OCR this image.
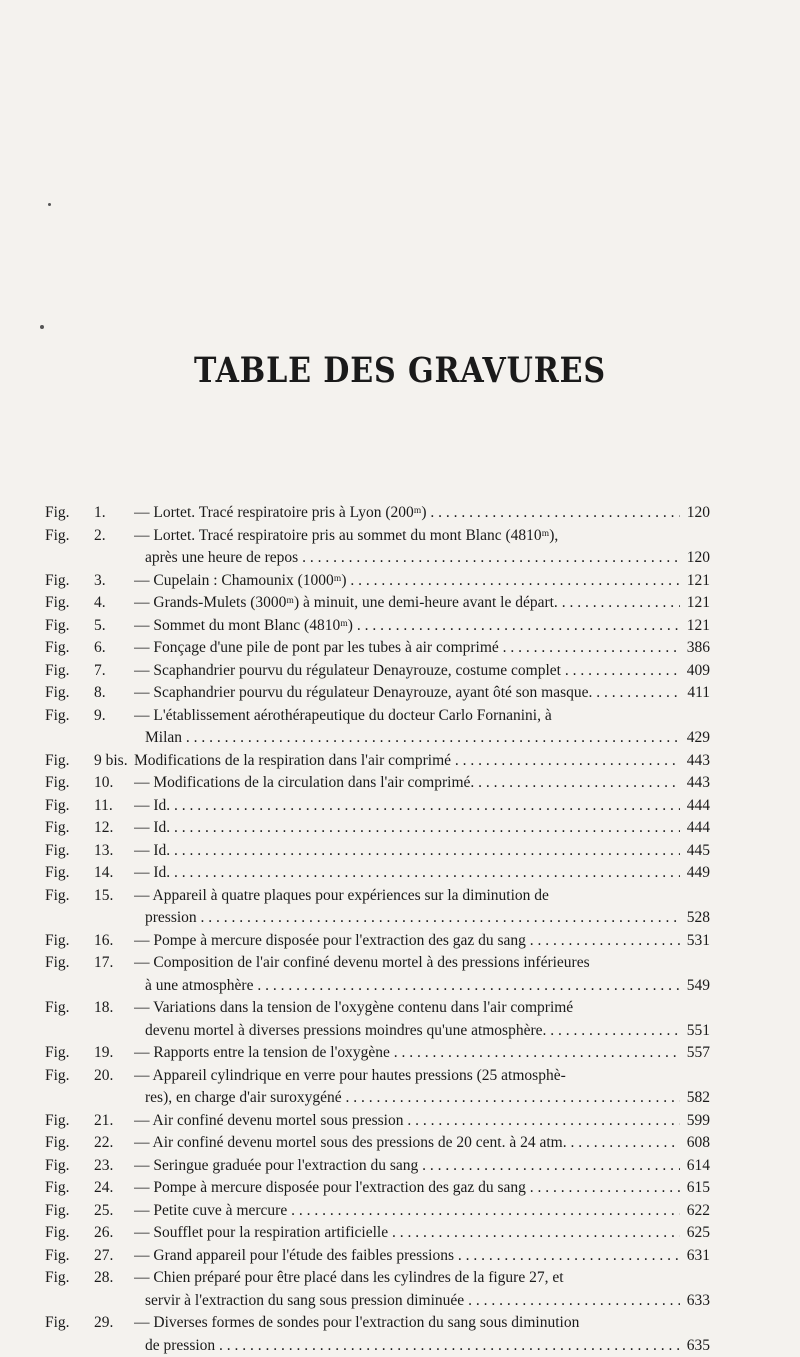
TABLE DES GRAVURES
Fig.	1.	— Lortet. Tracé respiratoire pris à Lyon (200ᵐ) . . .	120
Fig.	2.	— Lortet. Tracé respiratoire pris au sommet du mont Blanc (4810ᵐ),
après une heure de repos . . .	120
Fig.	3.	— Cupelain : Chamounix (1000ᵐ) . . .	121
Fig.	4.	— Grands-Mulets (3000ᵐ) à minuit, une demi-heure avant le départ. . . .	121
Fig.	5.	— Sommet du mont Blanc (4810ᵐ) . . .	121
Fig.	6.	— Fonçage d'une pile de pont par les tubes à air comprimé . . .	386
Fig.	7.	— Scaphandrier pourvu du régulateur Denayrouze, costume complet . . .	409
Fig.	8.	— Scaphandrier pourvu du régulateur Denayrouze, ayant ôté son masque. . . .	411
Fig.	9.	— L'établissement aérothérapeutique du docteur Carlo Fornanini, à
Milan . . .	429
Fig.	9 bis. Modifications de la respiration dans l'air comprimé . . .	443
Fig.	10.	— Modifications de la circulation dans l'air comprimé. . . .	443
Fig.	11.	— Id. . . .	444
Fig.	12.	— Id. . . .	444
Fig.	13.	— Id. . . .	445
Fig.	14.	— Id. . . .	449
Fig.	15.	— Appareil à quatre plaques pour expériences sur la diminution de
pression . . .	528
Fig.	16.	— Pompe à mercure disposée pour l'extraction des gaz du sang . . .	531
Fig.	17.	— Composition de l'air confiné devenu mortel à des pressions inférieures
à une atmosphère . . .	549
Fig.	18.	— Variations dans la tension de l'oxygène contenu dans l'air comprimé
devenu mortel à diverses pressions moindres qu'une atmosphère. . . .	551
Fig.	19.	— Rapports entre la tension de l'oxygène . . .	557
Fig.	20.	— Appareil cylindrique en verre pour hautes pressions (25 atmosphè-
res), en charge d'air suroxygéné . . .	582
Fig.	21.	— Air confiné devenu mortel sous pression . . .	599
Fig.	22.	— Air confiné devenu mortel sous des pressions de 20 cent. à 24 atm. . . .	608
Fig.	23.	— Seringue graduée pour l'extraction du sang . . .	614
Fig.	24.	— Pompe à mercure disposée pour l'extraction des gaz du sang . . .	615
Fig.	25.	— Petite cuve à mercure . . .	622
Fig.	26.	— Soufflet pour la respiration artificielle . . .	625
Fig.	27.	— Grand appareil pour l'étude des faibles pressions . . .	631
Fig.	28.	— Chien préparé pour être placé dans les cylindres de la figure 27, et
servir à l'extraction du sang sous pression diminuée . . .	633
Fig.	29.	— Diverses formes de sondes pour l'extraction du sang sous diminution
de pression . . .	635
